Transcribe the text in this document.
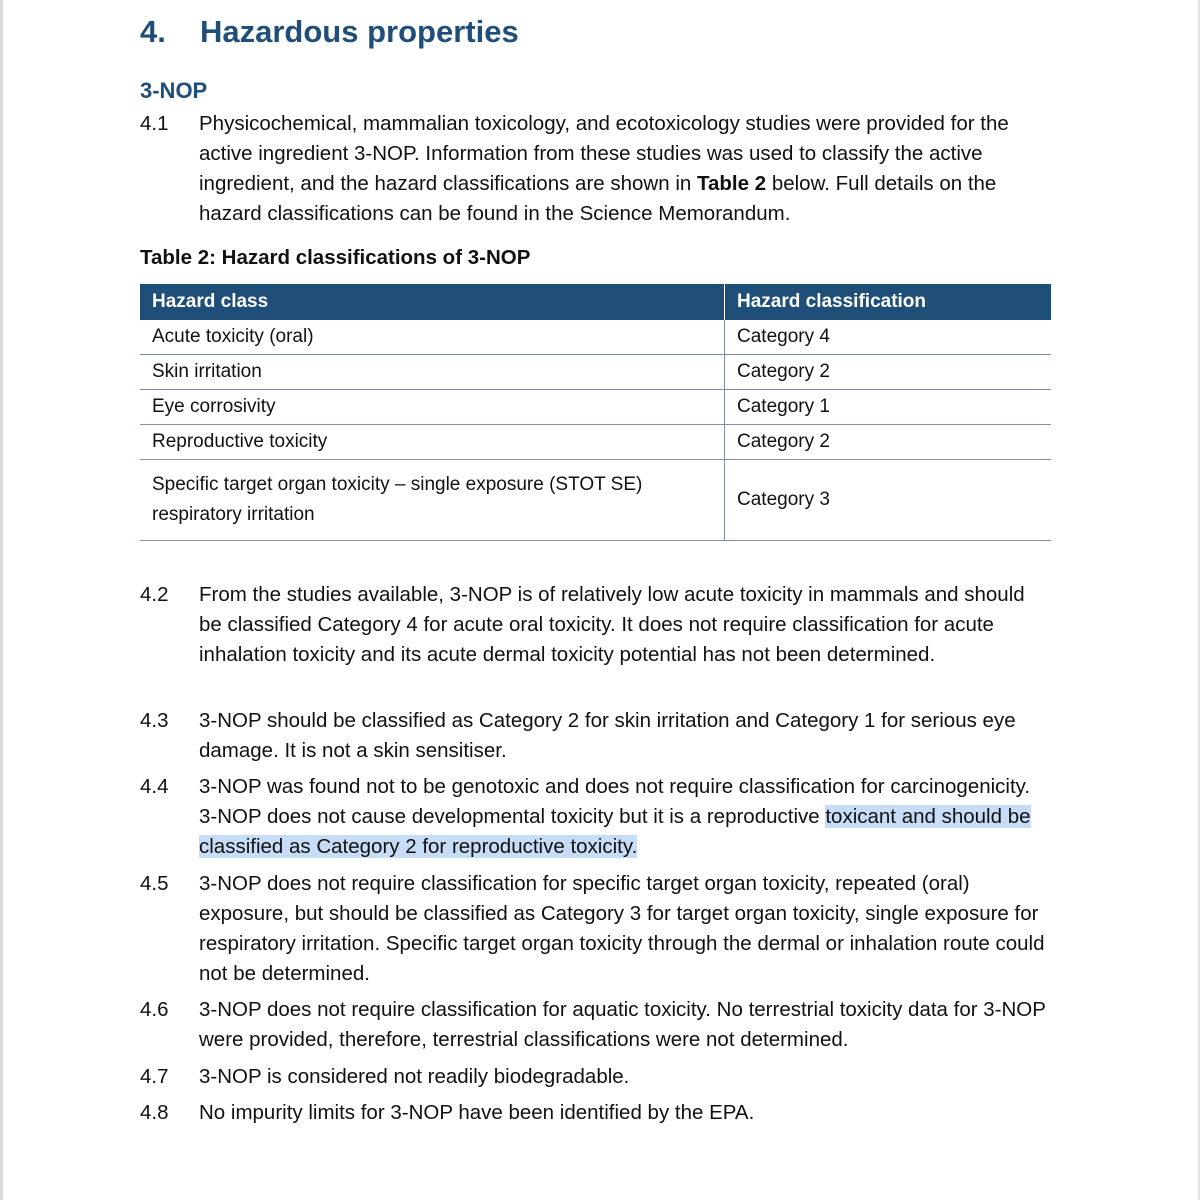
4. Hazardous properties
3-NOP
4.1 Physicochemical, mammalian toxicology, and ecotoxicology studies were provided for the active ingredient 3-NOP. Information from these studies was used to classify the active ingredient, and the hazard classifications are shown in Table 2 below. Full details on the hazard classifications can be found in the Science Memorandum.

Table 2: Hazard classifications of 3-NOP

Hazard class	Hazard classification
Acute toxicity (oral)	Category 4
Skin irritation	Category 2
Eye corrosivity	Category 1
Reproductive toxicity	Category 2
Specific target organ toxicity – single exposure (STOT SE) respiratory irritation	Category 3
4.2 From the studies available, 3-NOP is of relatively low acute toxicity in mammals and should be classified Category 4 for acute oral toxicity. It does not require classification for acute inhalation toxicity and its acute dermal toxicity potential has not been determined.
4.3 3-NOP should be classified as Category 2 for skin irritation and Category 1 for serious eye damage. It is not a skin sensitiser.
4.4 3-NOP was found not to be genotoxic and does not require classification for carcinogenicity. 3-NOP does not cause developmental toxicity but it is a reproductive toxicant and should be classified as Category 2 for reproductive toxicity.
4.5 3-NOP does not require classification for specific target organ toxicity, repeated (oral) exposure, but should be classified as Category 3 for target organ toxicity, single exposure for respiratory irritation. Specific target organ toxicity through the dermal or inhalation route could not be determined.
4.6 3-NOP does not require classification for aquatic toxicity. No terrestrial toxicity data for 3-NOP were provided, therefore, terrestrial classifications were not determined.
4.7 3-NOP is considered not readily biodegradable.
4.8 No impurity limits for 3-NOP have been identified by the EPA.
